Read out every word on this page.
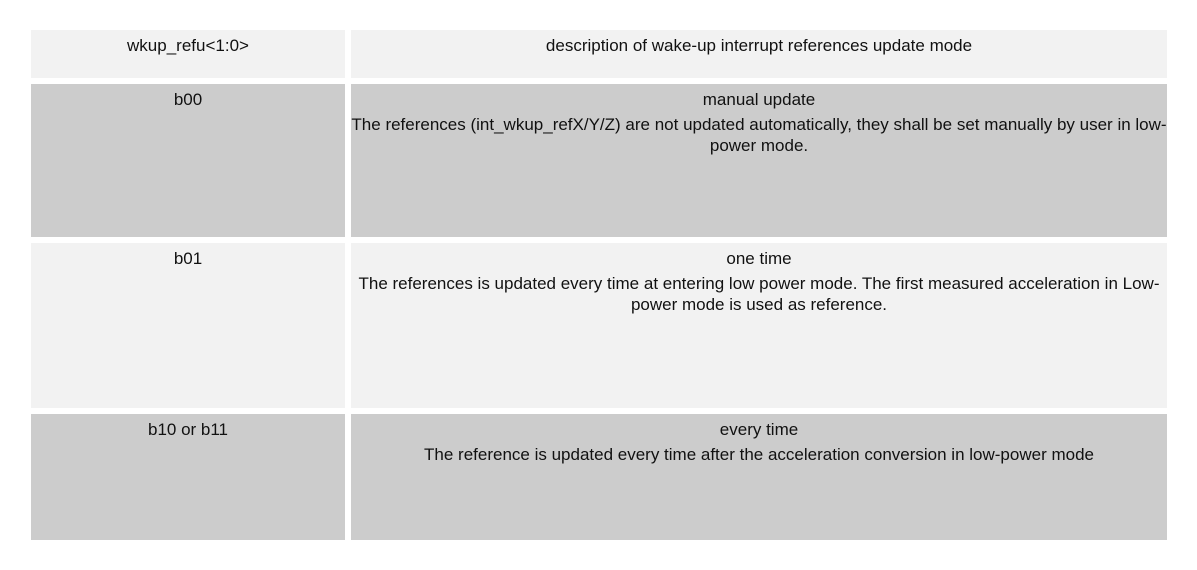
wkup_refu<1:0>	description of wake-up interrupt references update mode
b00	manual update
The references (int_wkup_refX/Y/Z) are not updated automatically, they shall be set manually by user in low-power mode.
b01	one time
The references is updated every time at entering low power mode. The first measured acceleration in Low-power mode is used as reference.
b10 or b11	every time
The reference is updated every time after the acceleration conversion in low-power mode
